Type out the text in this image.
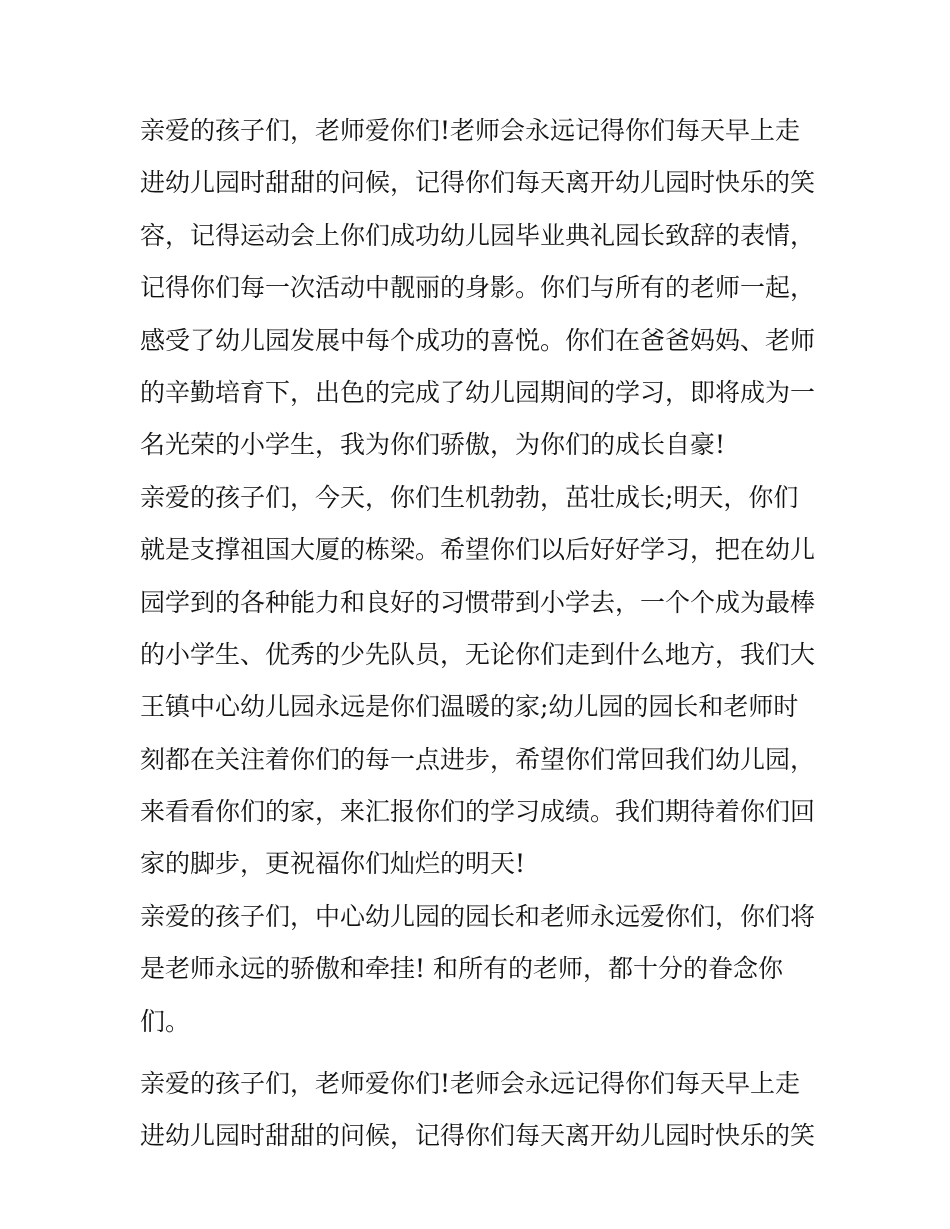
亲爱的孩子们，老师爱你们!老师会永远记得你们每天早上走
进幼儿园时甜甜的问候，记得你们每天离开幼儿园时快乐的笑
容，记得运动会上你们成功幼儿园毕业典礼园长致辞的表情，
记得你们每一次活动中靓丽的身影。你们与所有的老师一起，
感受了幼儿园发展中每个成功的喜悦。你们在爸爸妈妈、老师
的辛勤培育下，出色的完成了幼儿园期间的学习，即将成为一
名光荣的小学生，我为你们骄傲，为你们的成长自豪!
亲爱的孩子们，今天，你们生机勃勃，茁壮成长;明天，你们
就是支撑祖国大厦的栋梁。希望你们以后好好学习，把在幼儿
园学到的各种能力和良好的习惯带到小学去，一个个成为最棒
的小学生、优秀的少先队员，无论你们走到什么地方，我们大
王镇中心幼儿园永远是你们温暖的家;幼儿园的园长和老师时
刻都在关注着你们的每一点进步，希望你们常回我们幼儿园，
来看看你们的家，来汇报你们的学习成绩。我们期待着你们回
家的脚步，更祝福你们灿烂的明天!
亲爱的孩子们，中心幼儿园的园长和老师永远爱你们，你们将
是老师永远的骄傲和牵挂! 和所有的老师，都十分的眷念你
们。
亲爱的孩子们，老师爱你们!老师会永远记得你们每天早上走
进幼儿园时甜甜的问候，记得你们每天离开幼儿园时快乐的笑
